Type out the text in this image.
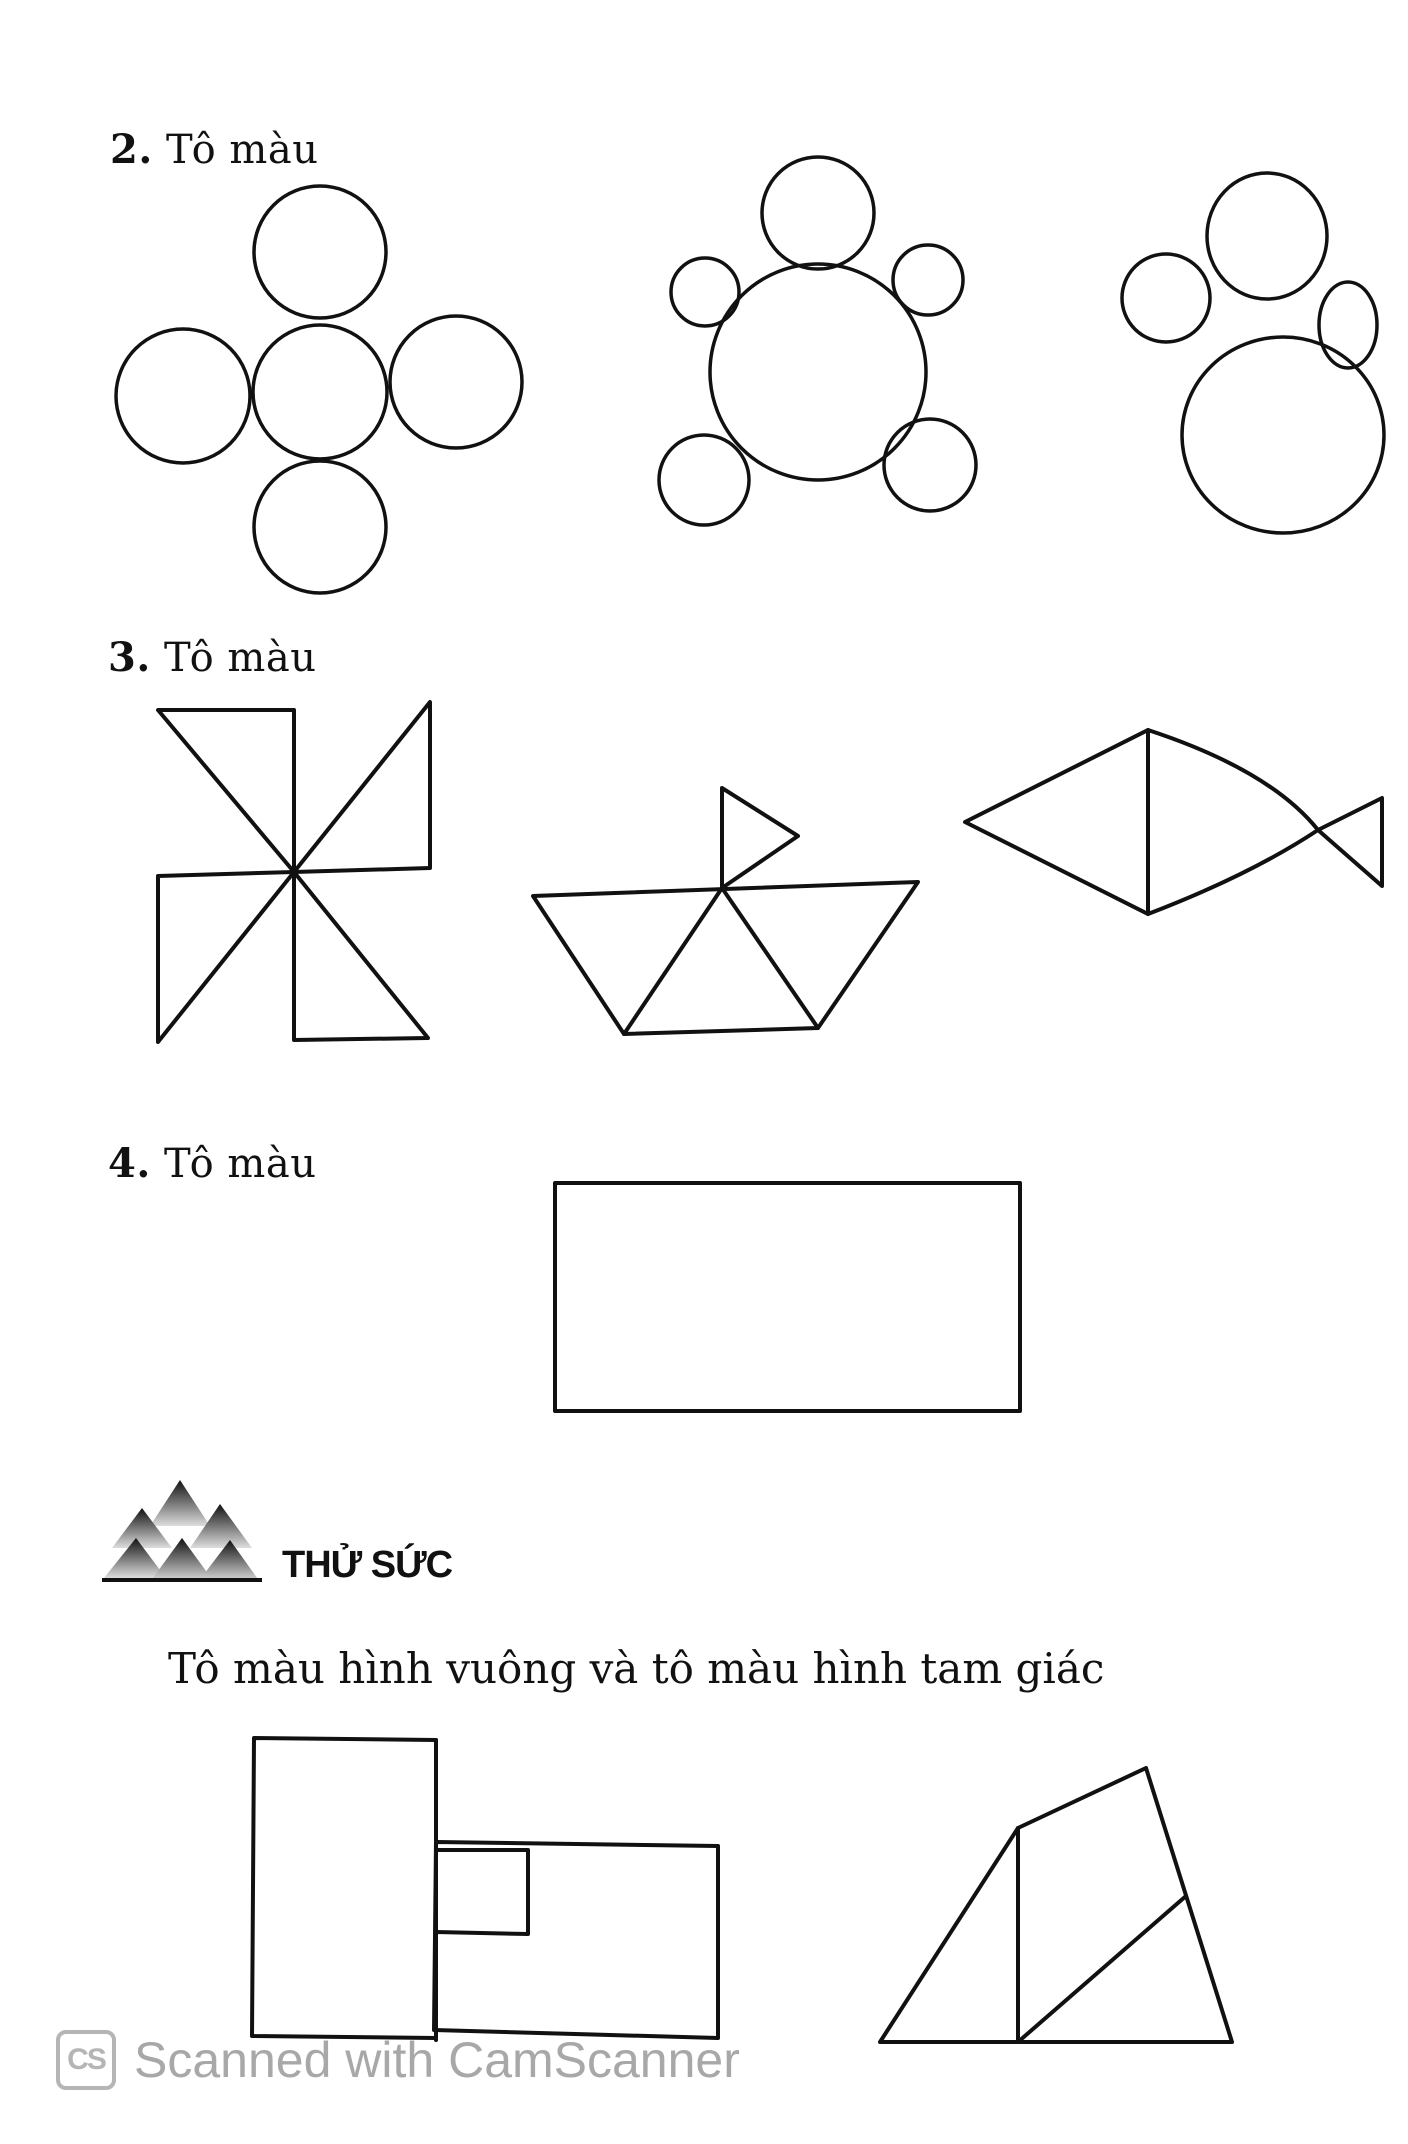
2. Tô màu
3. Tô màu
4. Tô màu
THỬ SỨC
Tô màu hình vuông và tô màu hình tam giác
CS Scanned with CamScanner
